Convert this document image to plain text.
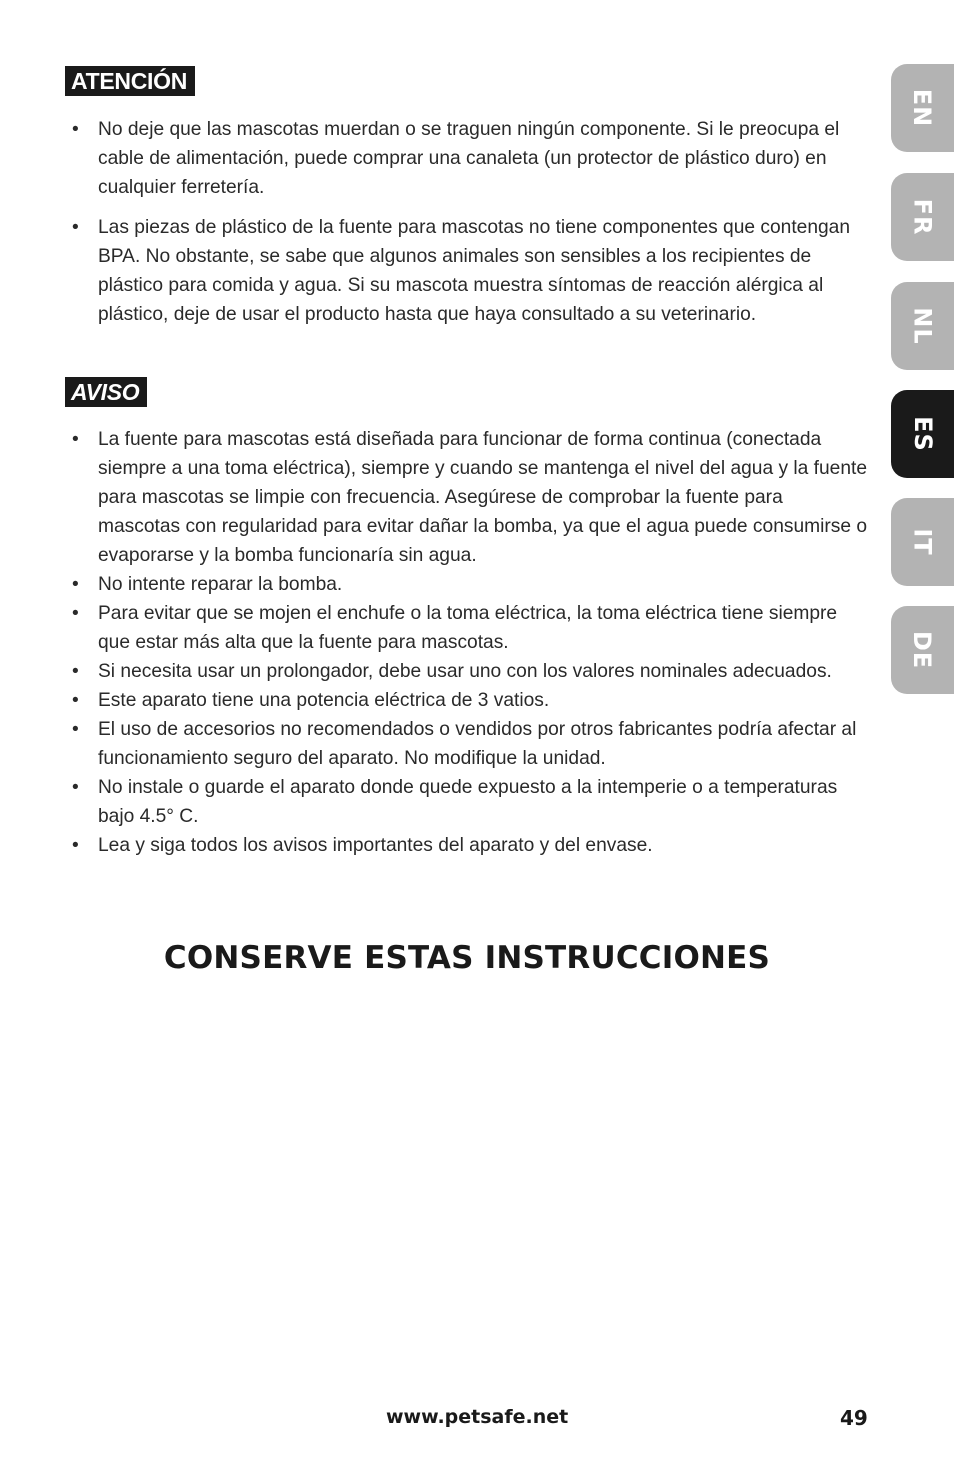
ATENCIÓN
• No deje que las mascotas muerdan o se traguen ningún componente. Si le preocupa el cable de alimentación, puede comprar una canaleta (un protector de plástico duro) en cualquier ferretería.
• Las piezas de plástico de la fuente para mascotas no tiene componentes que contengan BPA. No obstante, se sabe que algunos animales son sensibles a los recipientes de plástico para comida y agua. Si su mascota muestra síntomas de reacción alérgica al plástico, deje de usar el producto hasta que haya consultado a su veterinario.
AVISO
• La fuente para mascotas está diseñada para funcionar de forma continua (conectada siempre a una toma eléctrica), siempre y cuando se mantenga el nivel del agua y la fuente para mascotas se limpie con frecuencia. Asegúrese de comprobar la fuente para mascotas con regularidad para evitar dañar la bomba, ya que el agua puede consumirse o evaporarse y la bomba funcionaría sin agua.
• No intente reparar la bomba.
• Para evitar que se mojen el enchufe o la toma eléctrica, la toma eléctrica tiene siempre que estar más alta que la fuente para mascotas.
• Si necesita usar un prolongador, debe usar uno con los valores nominales adecuados.
• Este aparato tiene una potencia eléctrica de 3 vatios.
• El uso de accesorios no recomendados o vendidos por otros fabricantes podría afectar al funcionamiento seguro del aparato. No modifique la unidad.
• No instale o guarde el aparato donde quede expuesto a la intemperie o a temperaturas bajo 4.5° C.
• Lea y siga todos los avisos importantes del aparato y del envase.
CONSERVE ESTAS INSTRUCCIONES
EN
FR
NL
ES
IT
DE
www.petsafe.net	49
